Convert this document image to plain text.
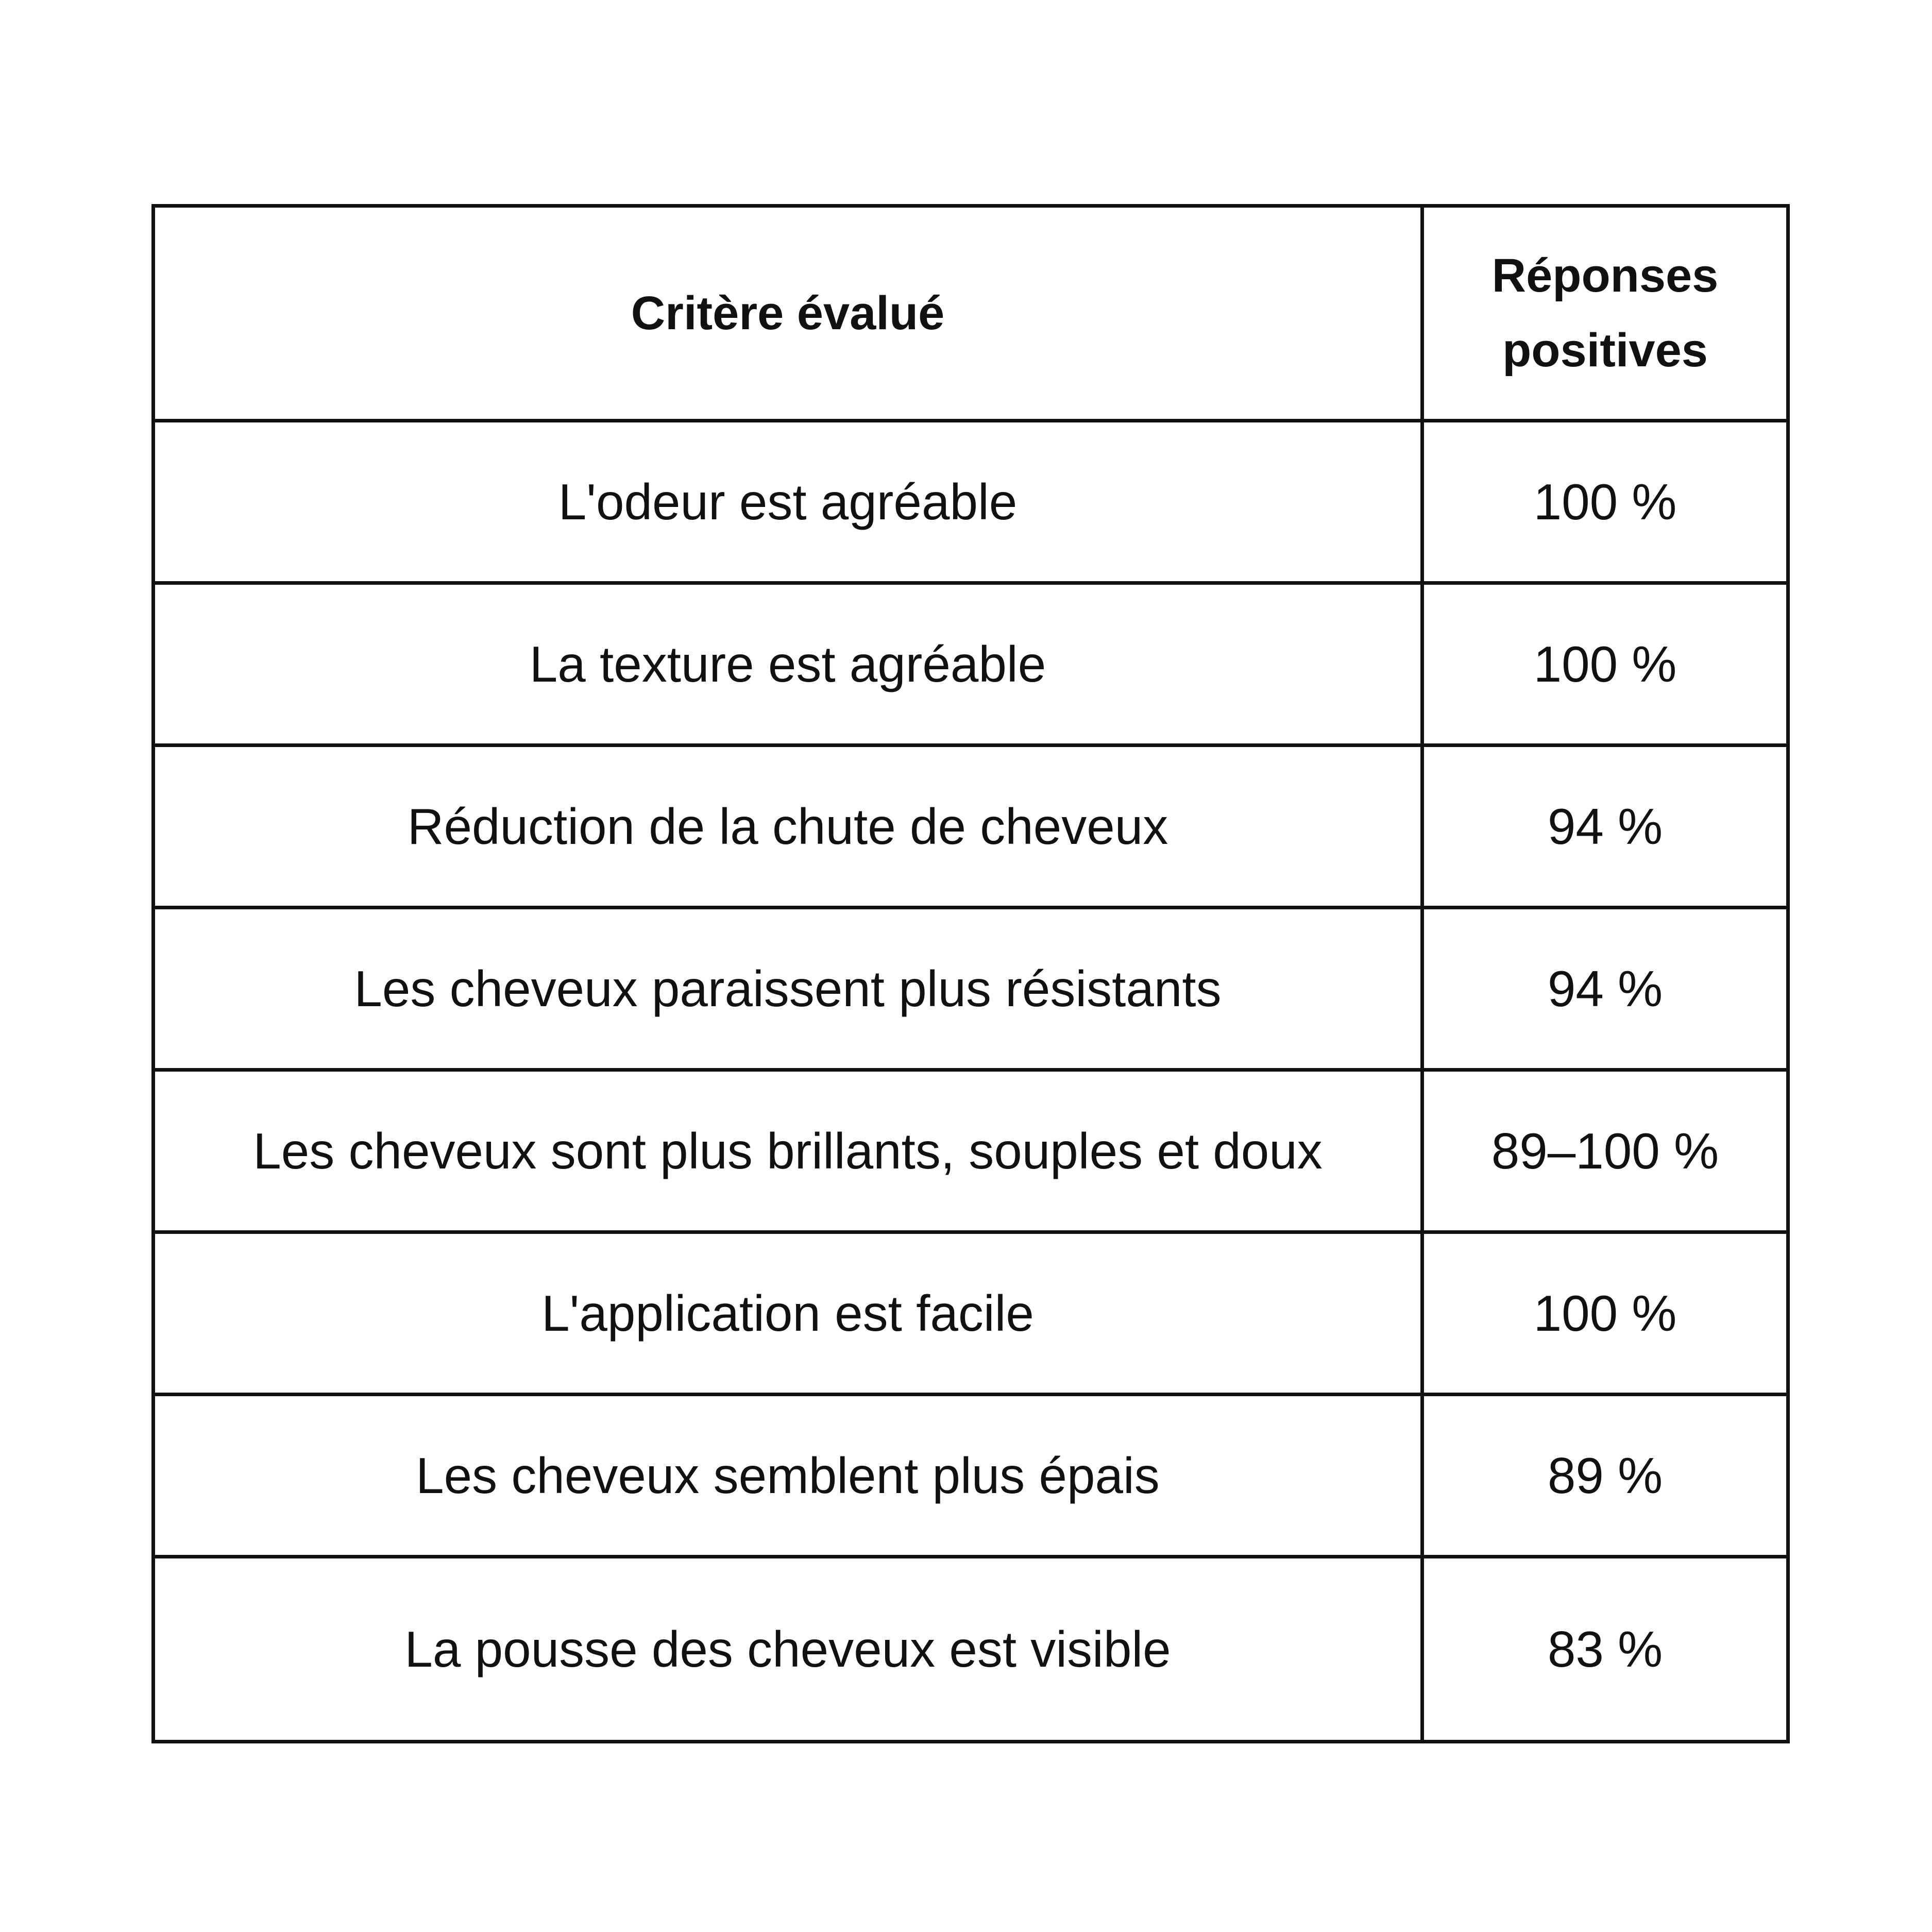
Critère évalué	Réponses positives
L'odeur est agréable	100 %
La texture est agréable	100 %
Réduction de la chute de cheveux	94 %
Les cheveux paraissent plus résistants	94 %
Les cheveux sont plus brillants, souples et doux	89–100 %
L'application est facile	100 %
Les cheveux semblent plus épais	89 %
La pousse des cheveux est visible	83 %
